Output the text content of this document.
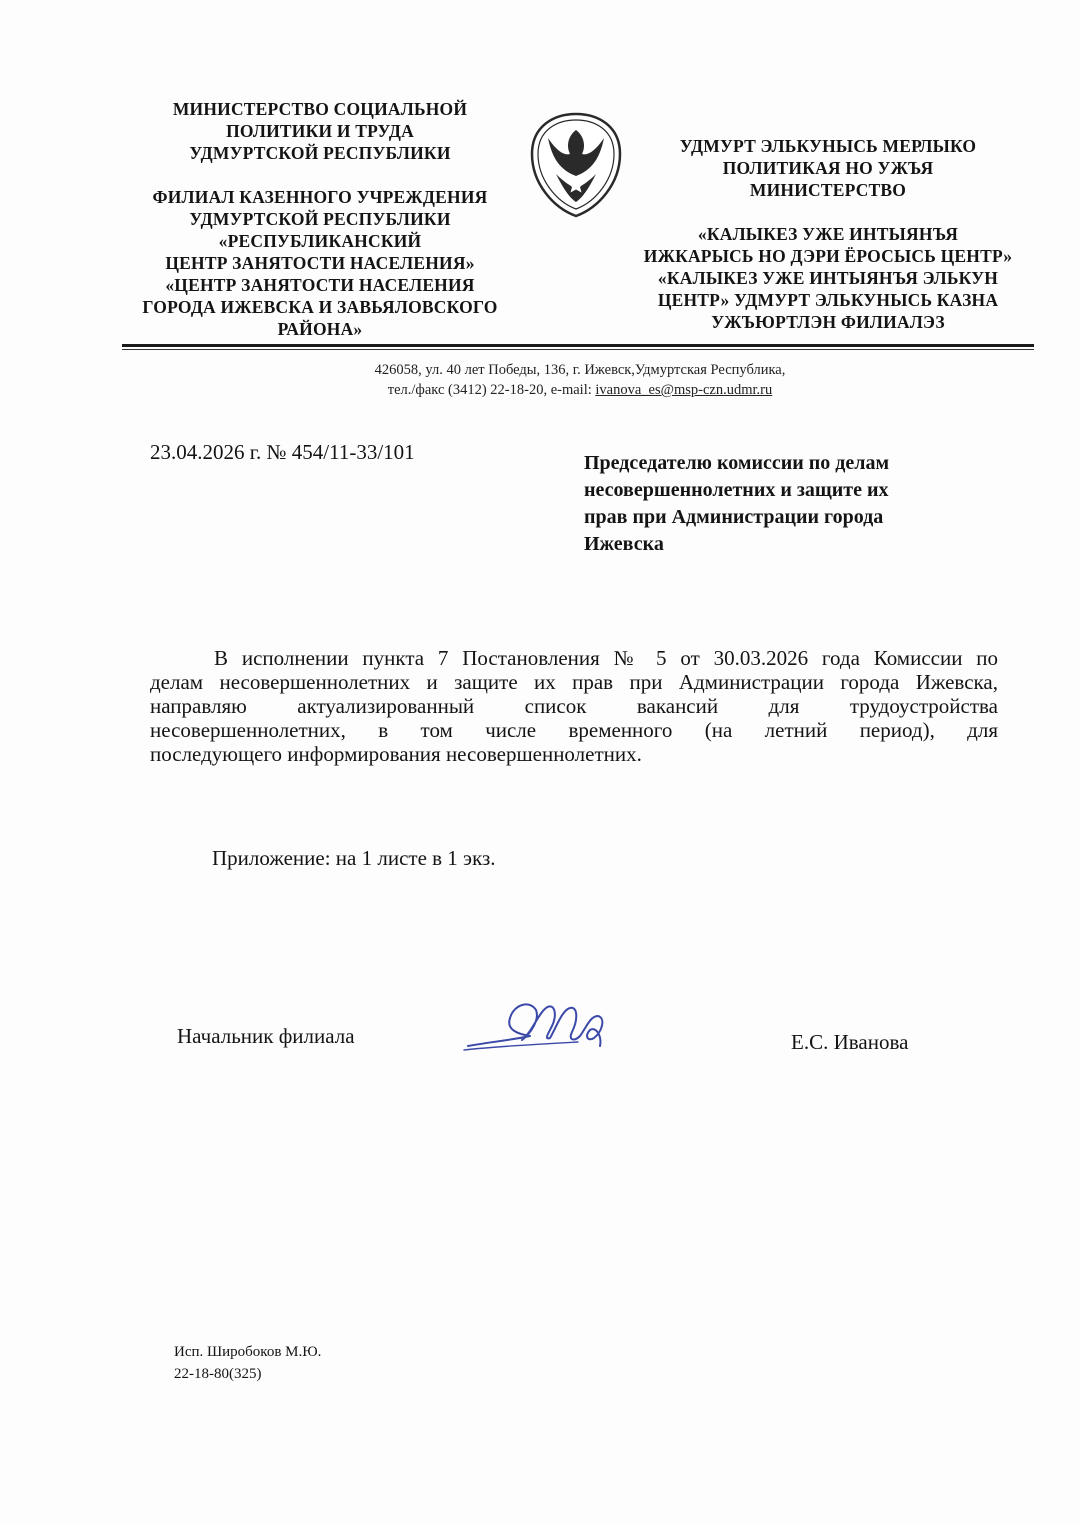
МИНИСТЕРСТВО СОЦИАЛЬНОЙ
ПОЛИТИКИ И ТРУДА
УДМУРТСКОЙ РЕСПУБЛИКИ
ФИЛИАЛ КАЗЕННОГО УЧРЕЖДЕНИЯ
УДМУРТСКОЙ РЕСПУБЛИКИ
«РЕСПУБЛИКАНСКИЙ
ЦЕНТР ЗАНЯТОСТИ НАСЕЛЕНИЯ»
«ЦЕНТР ЗАНЯТОСТИ НАСЕЛЕНИЯ
ГОРОДА ИЖЕВСКА И ЗАВЬЯЛОВСКОГО
РАЙОНА»
УДМУРТ ЭЛЬКУНЫСЬ МЕРЛЫКО
ПОЛИТИКАЯ НО УЖЪЯ
МИНИСТЕРСТВО
«КАЛЫКЕЗ УЖЕ ИНТЫЯНЪЯ
ИЖКАРЫСЬ НО ДЭРИ ЁРОСЫСЬ ЦЕНТР»
«КАЛЫКЕЗ УЖЕ ИНТЫЯНЪЯ ЭЛЬКУН
ЦЕНТР» УДМУРТ ЭЛЬКУНЫСЬ КАЗНА
УЖЪЮРТЛЭН ФИЛИАЛЭЗ
426058, ул. 40 лет Победы, 136, г. Ижевск,Удмуртская Республика,
тел./факс (3412) 22-18-20, e-mail: ivanova_es@msp-czn.udmr.ru
23.04.2026 г. № 454/11-33/101	Председателю комиссии по делам
несовершеннолетних и защите их
прав при Администрации города
Ижевска
В исполнении пункта 7 Постановления № 5 от 30.03.2026 года Комиссии по
делам несовершеннолетних и защите их прав при Администрации города Ижевска,
направляю актуализированный список вакансий для трудоустройства
несовершеннолетних, в том числе временного (на летний период), для
последующего информирования несовершеннолетних.
Приложение: на 1 листе в 1 экз.
Начальник филиала	Е.С. Иванова
Исп. Широбоков М.Ю.
22-18-80(325)
